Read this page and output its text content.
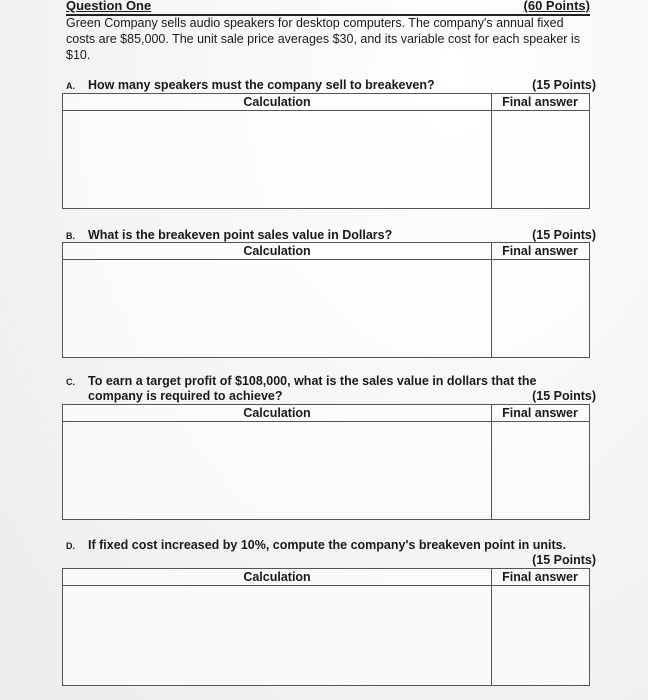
Question One	(60 Points)
Green Company sells audio speakers for desktop computers. The company's annual fixed costs are $85,000. The unit sale price averages $30, and its variable cost for each speaker is $10.
A. How many speakers must the company sell to breakeven?	(15 Points)
Calculation	Final answer
B. What is the breakeven point sales value in Dollars?	(15 Points)
Calculation	Final answer
C. To earn a target profit of $108,000, what is the sales value in dollars that the company is required to achieve?	(15 Points)
Calculation	Final answer
D. If fixed cost increased by 10%, compute the company's breakeven point in units.
(15 Points)
Calculation	Final answer
